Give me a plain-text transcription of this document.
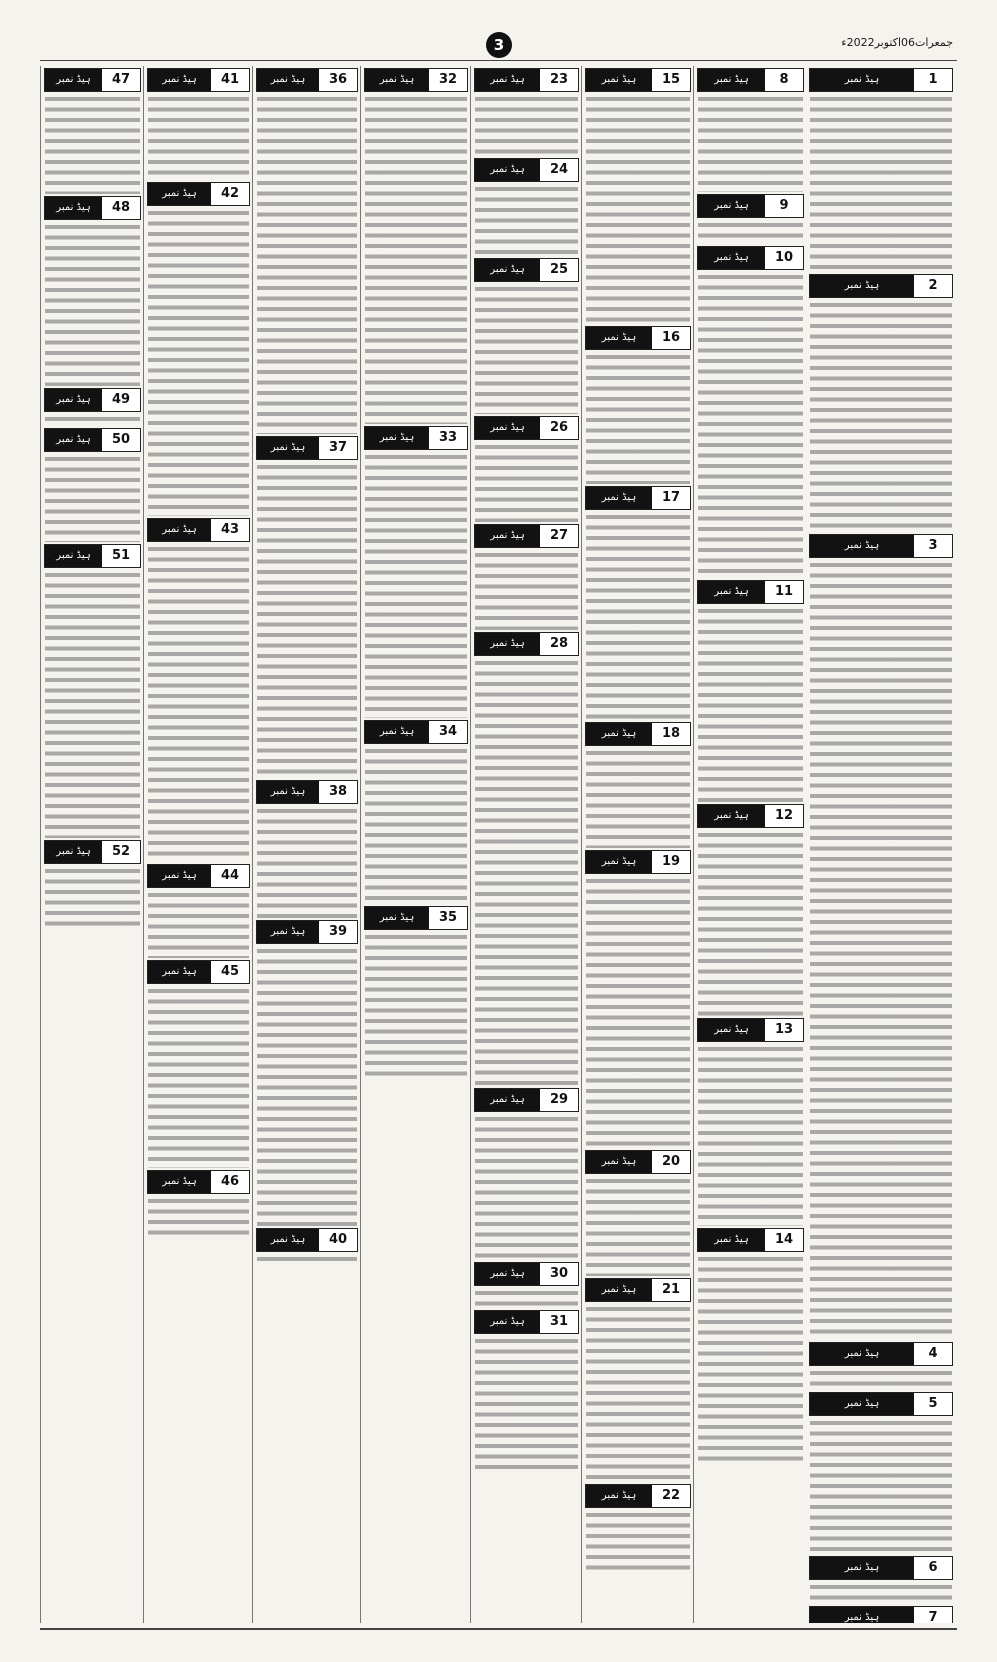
3	جمعرات06اکتوبر2022ء
1
ہیڈ نمبر
2
ہیڈ نمبر
3
ہیڈ نمبر
4
ہیڈ نمبر
5
ہیڈ نمبر
6
ہیڈ نمبر
7
ہیڈ نمبر
8
ہیڈ نمبر
9
ہیڈ نمبر
10
ہیڈ نمبر
11
ہیڈ نمبر
12
ہیڈ نمبر
13
ہیڈ نمبر
14
ہیڈ نمبر
15
ہیڈ نمبر
16
ہیڈ نمبر
17
ہیڈ نمبر
18
ہیڈ نمبر
19
ہیڈ نمبر
20
ہیڈ نمبر
21
ہیڈ نمبر
22
ہیڈ نمبر
23
ہیڈ نمبر
24
ہیڈ نمبر
25
ہیڈ نمبر
26
ہیڈ نمبر
27
ہیڈ نمبر
28
ہیڈ نمبر
29
ہیڈ نمبر
30
ہیڈ نمبر
31
ہیڈ نمبر
32
ہیڈ نمبر
33
ہیڈ نمبر
34
ہیڈ نمبر
35
ہیڈ نمبر
36
ہیڈ نمبر
37
ہیڈ نمبر
38
ہیڈ نمبر
39
ہیڈ نمبر
40
ہیڈ نمبر
41
ہیڈ نمبر
42
ہیڈ نمبر
43
ہیڈ نمبر
44
ہیڈ نمبر
45
ہیڈ نمبر
46
ہیڈ نمبر
47
ہیڈ نمبر
48
ہیڈ نمبر
49
ہیڈ نمبر
50
ہیڈ نمبر
51
ہیڈ نمبر
52
ہیڈ نمبر
